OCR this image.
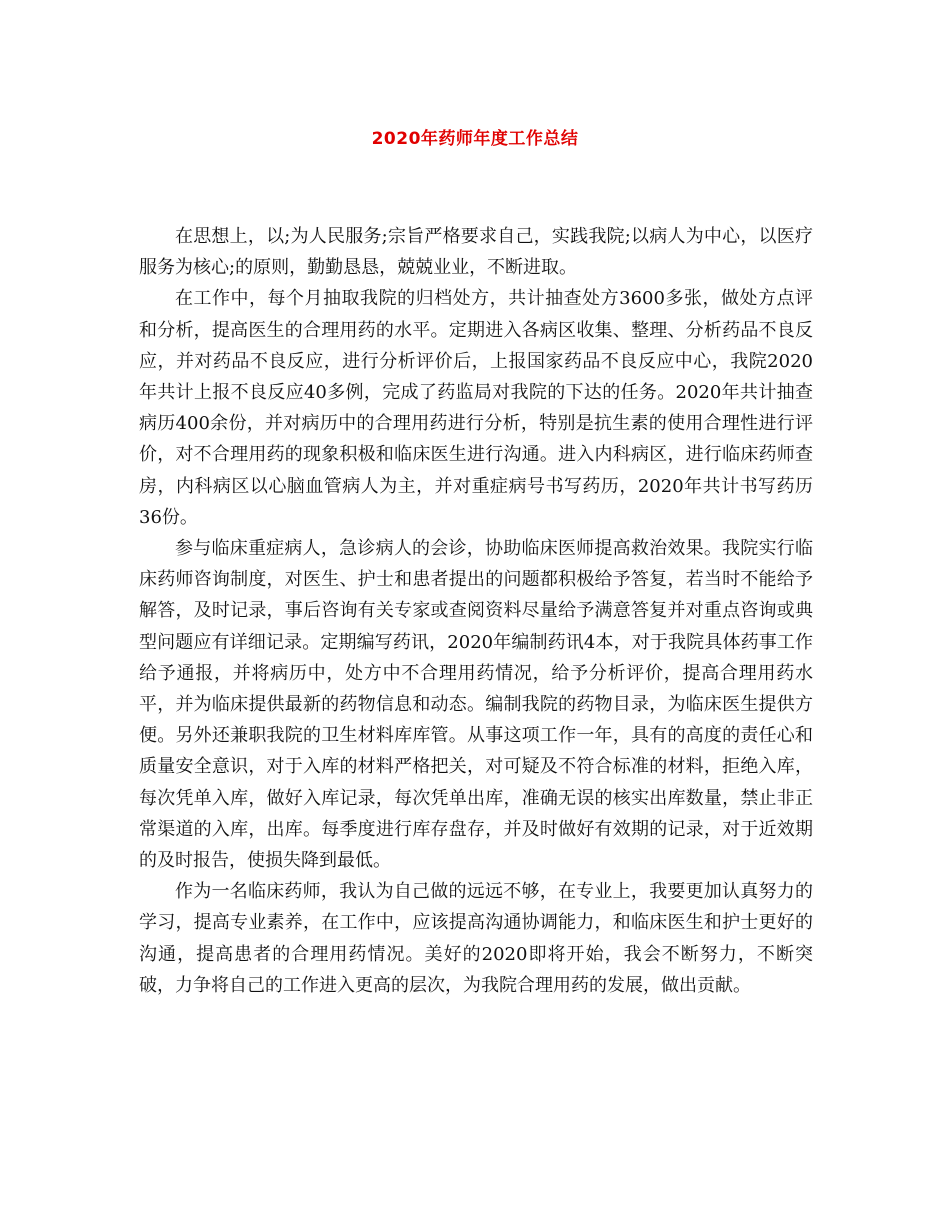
2020年药师年度工作总结

在思想上，以;为人民服务;宗旨严格要求自己，实践我院;以病人为中心，以医疗服务为核心;的原则，勤勤恳恳，兢兢业业，不断进取。

在工作中，每个月抽取我院的归档处方，共计抽查处方3600多张，做处方点评和分析，提高医生的合理用药的水平。定期进入各病区收集、整理、分析药品不良反应，并对药品不良反应，进行分析评价后，上报国家药品不良反应中心，我院2020年共计上报不良反应40多例，完成了药监局对我院的下达的任务。2020年共计抽查病历400余份，并对病历中的合理用药进行分析，特别是抗生素的使用合理性进行评价，对不合理用药的现象积极和临床医生进行沟通。进入内科病区，进行临床药师查房，内科病区以心脑血管病人为主，并对重症病号书写药历，2020年共计书写药历36份。

参与临床重症病人，急诊病人的会诊，协助临床医师提高救治效果。我院实行临床药师咨询制度，对医生、护士和患者提出的问题都积极给予答复，若当时不能给予解答，及时记录，事后咨询有关专家或查阅资料尽量给予满意答复并对重点咨询或典型问题应有详细记录。定期编写药讯，2020年编制药讯4本，对于我院具体药事工作给予通报，并将病历中，处方中不合理用药情况，给予分析评价，提高合理用药水平，并为临床提供最新的药物信息和动态。编制我院的药物目录，为临床医生提供方便。另外还兼职我院的卫生材料库库管。从事这项工作一年，具有的高度的责任心和质量安全意识，对于入库的材料严格把关，对可疑及不符合标准的材料，拒绝入库，每次凭单入库，做好入库记录，每次凭单出库，准确无误的核实出库数量，禁止非正常渠道的入库，出库。每季度进行库存盘存，并及时做好有效期的记录，对于近效期的及时报告，使损失降到最低。

作为一名临床药师，我认为自己做的远远不够，在专业上，我要更加认真努力的学习，提高专业素养，在工作中，应该提高沟通协调能力，和临床医生和护士更好的沟通，提高患者的合理用药情况。美好的2020即将开始，我会不断努力，不断突破，力争将自己的工作进入更高的层次，为我院合理用药的发展，做出贡献。
